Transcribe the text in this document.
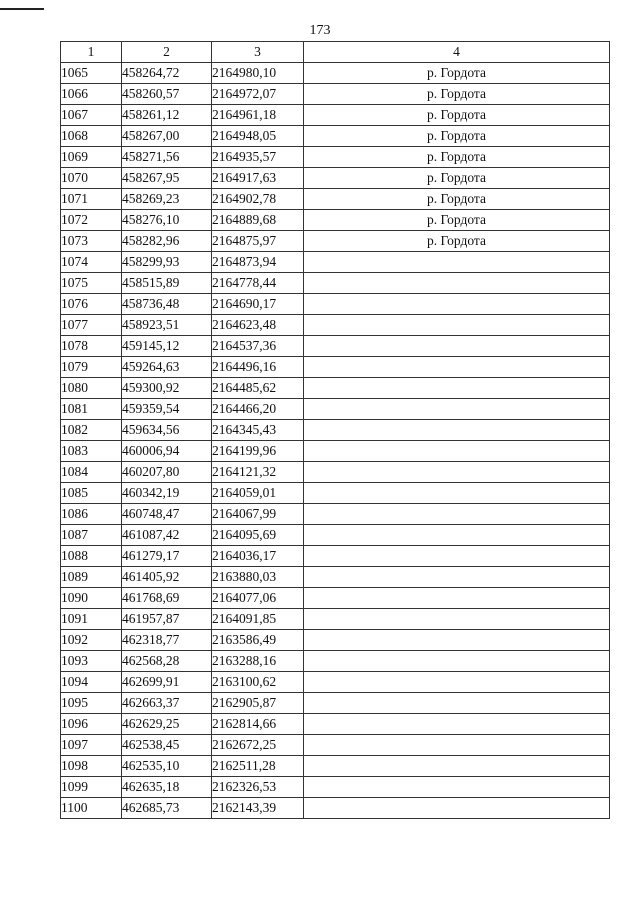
173
1	2	3	4
1065	458264,72	2164980,10	р. Гордота
1066	458260,57	2164972,07	р. Гордота
1067	458261,12	2164961,18	р. Гордота
1068	458267,00	2164948,05	р. Гордота
1069	458271,56	2164935,57	р. Гордота
1070	458267,95	2164917,63	р. Гордота
1071	458269,23	2164902,78	р. Гордота
1072	458276,10	2164889,68	р. Гордота
1073	458282,96	2164875,97	р. Гордота
1074	458299,93	2164873,94	
1075	458515,89	2164778,44	
1076	458736,48	2164690,17	
1077	458923,51	2164623,48	
1078	459145,12	2164537,36	
1079	459264,63	2164496,16	
1080	459300,92	2164485,62	
1081	459359,54	2164466,20	
1082	459634,56	2164345,43	
1083	460006,94	2164199,96	
1084	460207,80	2164121,32	
1085	460342,19	2164059,01	
1086	460748,47	2164067,99	
1087	461087,42	2164095,69	
1088	461279,17	2164036,17	
1089	461405,92	2163880,03	
1090	461768,69	2164077,06	
1091	461957,87	2164091,85	
1092	462318,77	2163586,49	
1093	462568,28	2163288,16	
1094	462699,91	2163100,62	
1095	462663,37	2162905,87	
1096	462629,25	2162814,66	
1097	462538,45	2162672,25	
1098	462535,10	2162511,28	
1099	462635,18	2162326,53	
1100	462685,73	2162143,39	
